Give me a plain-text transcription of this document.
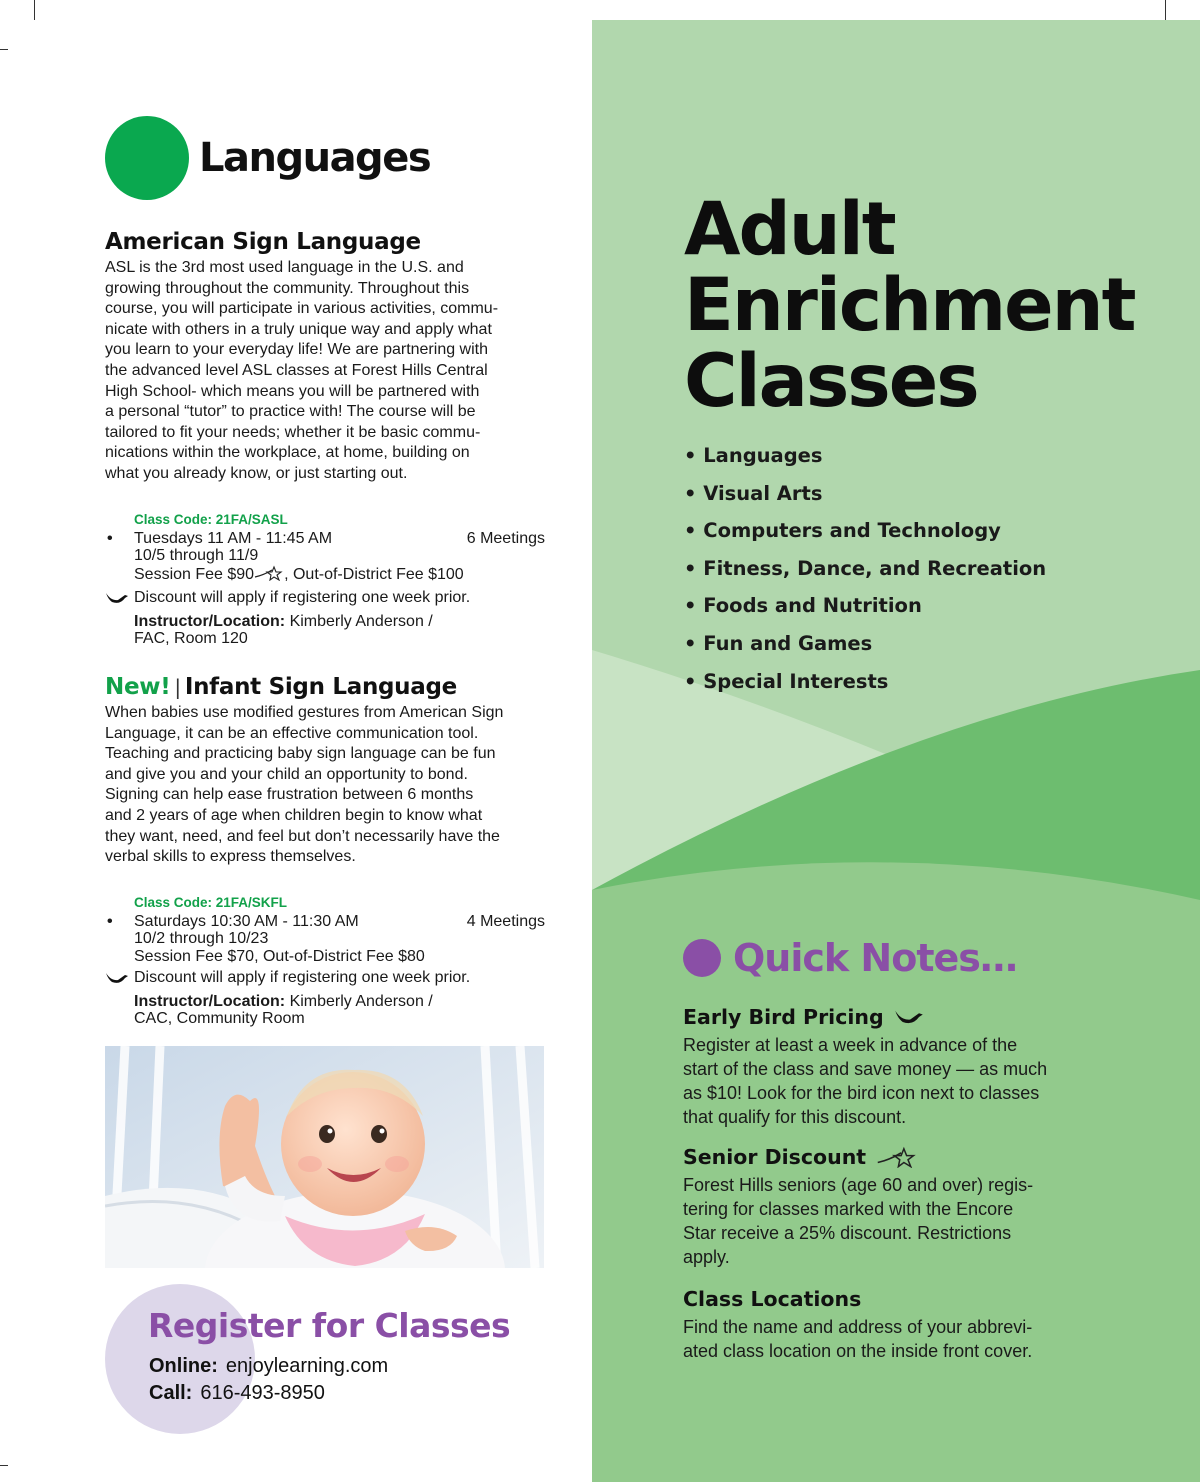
Languages
American Sign Language
ASL is the 3rd most used language in the U.S. and
growing throughout the community. Throughout this
course, you will participate in various activities, commu-
nicate with others in a truly unique way and apply what
you learn to your everyday life! We are partnering with
the advanced level ASL classes at Forest Hills Central
High School- which means you will be partnered with
a personal “tutor” to practice with! The course will be
tailored to fit your needs; whether it be basic commu-
nications within the workplace, at home, building on
what you already know, or just starting out.
Class Code: 21FA/SASL
• Tuesdays 11 AM - 11:45 AM	6 Meetings
10/5 through 11/9
Session Fee $90 , Out-of-District Fee $100
Discount will apply if registering one week prior.
Instructor/Location: Kimberly Anderson /
FAC, Room 120
New! | Infant Sign Language
When babies use modified gestures from American Sign
Language, it can be an effective communication tool.
Teaching and practicing baby sign language can be fun
and give you and your child an opportunity to bond.
Signing can help ease frustration between 6 months
and 2 years of age when children begin to know what
they want, need, and feel but don’t necessarily have the
verbal skills to express themselves.
Class Code: 21FA/SKFL
• Saturdays 10:30 AM - 11:30 AM	4 Meetings
10/2 through 10/23
Session Fee $70, Out-of-District Fee $80
Discount will apply if registering one week prior.
Instructor/Location: Kimberly Anderson /
CAC, Community Room
Register for Classes
Online: enjoylearning.com
Call: 616-493-8950
Adult
Enrichment
Classes
• Languages
• Visual Arts
• Computers and Technology
• Fitness, Dance, and Recreation
• Foods and Nutrition
• Fun and Games
• Special Interests
Quick Notes…
Early Bird Pricing
Register at least a week in advance of the
start of the class and save money — as much
as $10! Look for the bird icon next to classes
that qualify for this discount.
Senior Discount
Forest Hills seniors (age 60 and over) regis-
tering for classes marked with the Encore
Star receive a 25% discount. Restrictions
apply.
Class Locations
Find the name and address of your abbrevi-
ated class location on the inside front cover.
